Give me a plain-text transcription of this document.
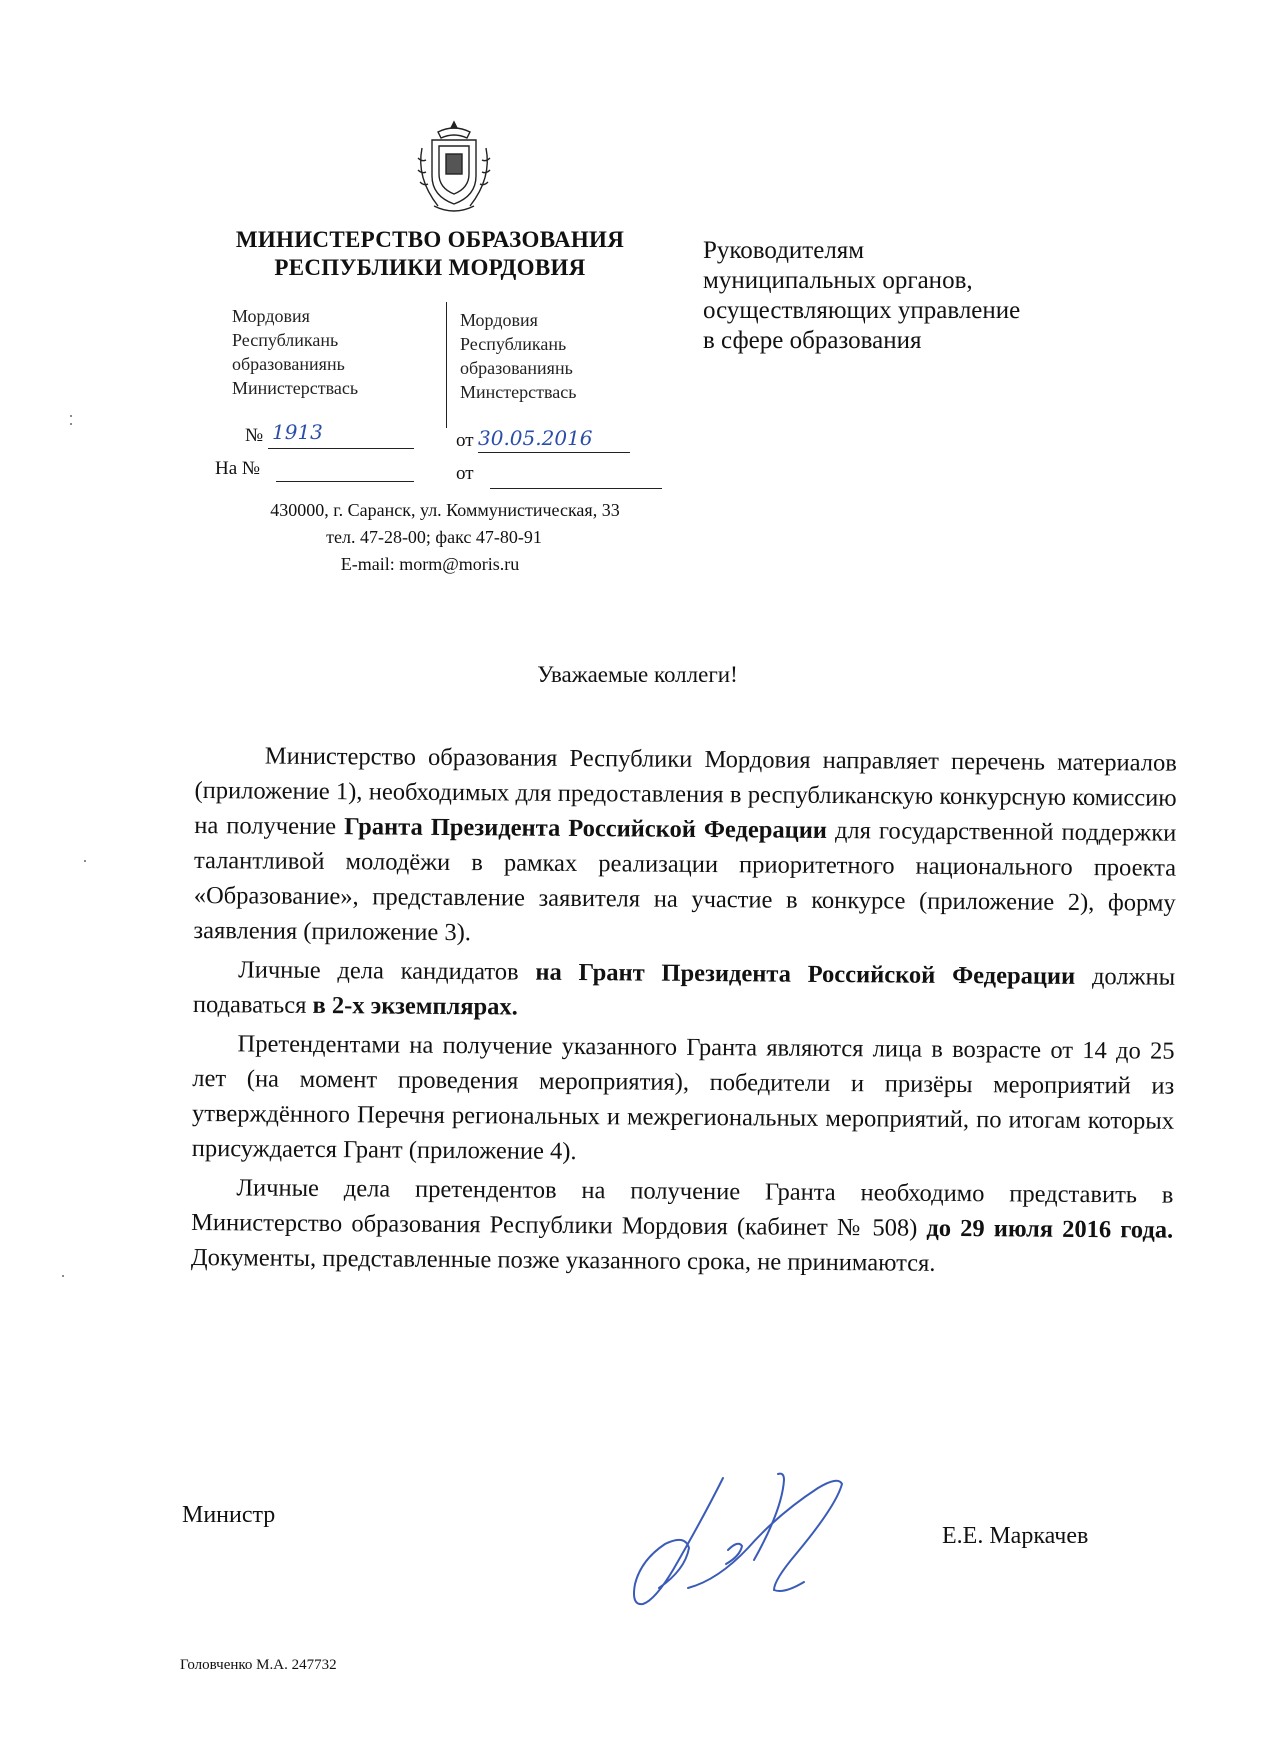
МИНИСТЕРСТВО ОБРАЗОВАНИЯ
РЕСПУБЛИКИ МОРДОВИЯ
Мордовия
Республикань
образованиянь
Министерствась
Мордовия
Республикань
образованиянь
Минстерствась
Руководителям
муниципальных органов,
осуществляющих управление
в сфере образования
№ 1913	от 30.05.2016
На №	от
430000, г. Саранск, ул. Коммунистическая, 33
тел. 47-28-00; факс 47-80-91
E-mail: morm@moris.ru
Уважаемые коллеги!

Министерство образования Республики Мордовия направляет перечень материалов (приложение 1), необходимых для предоставления в республиканскую конкурсную комиссию на получение Гранта Президента Российской Федерации для государственной поддержки талантливой молодёжи в рамках реализации приоритетного национального проекта «Образование», представление заявителя на участие в конкурсе (приложение 2), форму заявления (приложение 3).

Личные дела кандидатов на Грант Президента Российской Федерации должны подаваться в 2-х экземплярах.

Претендентами на получение указанного Гранта являются лица в возрасте от 14 до 25 лет (на момент проведения мероприятия), победители и призёры мероприятий из утверждённого Перечня региональных и межрегиональных мероприятий, по итогам которых присуждается Грант (приложение 4).

Личные дела претендентов на получение Гранта необходимо представить в Министерство образования Республики Мордовия (кабинет № 508) до 29 июля 2016 года. Документы, представленные позже указанного срока, не принимаются.

Министр
Е.Е. Маркачев
Головченко М.А. 247732
